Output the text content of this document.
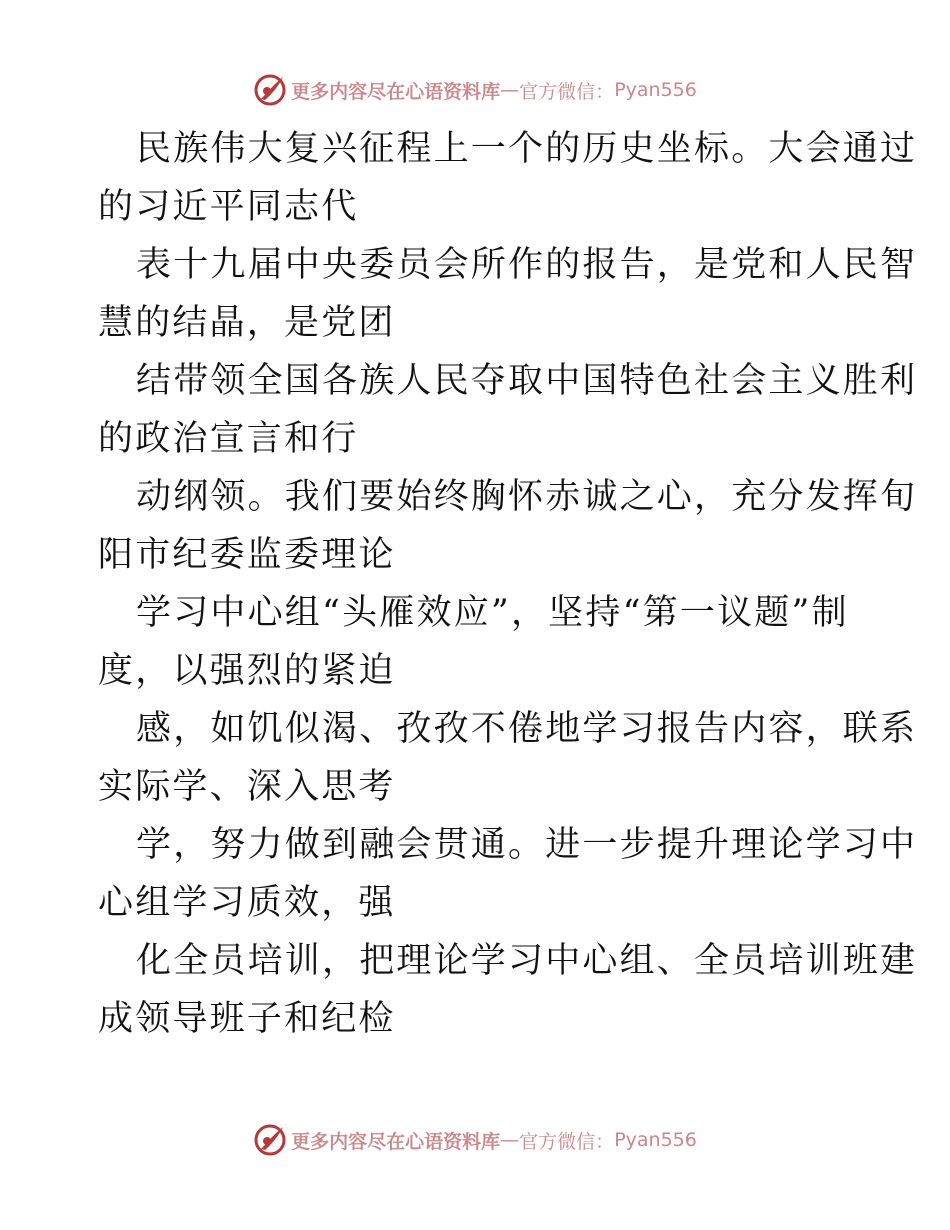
更多内容尽在心语资料库 — 官方微信： Pyan556

民族伟大复兴征程上一个的历史坐标。大会通过
的习近平同志代

表十九届中央委员会所作的报告，是党和人民智
慧的结晶，是党团

结带领全国各族人民夺取中国特色社会主义胜利
的政治宣言和行

动纲领。我们要始终胸怀赤诚之心，充分发挥旬
阳市纪委监委理论

学习中心组“头雁效应”，坚持“第一议题”制
度，以强烈的紧迫

感，如饥似渴、孜孜不倦地学习报告内容，联系
实际学、深入思考

学，努力做到融会贯通。进一步提升理论学习中
心组学习质效，强

化全员培训，把理论学习中心组、全员培训班建
成领导班子和纪检

更多内容尽在心语资料库 — 官方微信： Pyan556
